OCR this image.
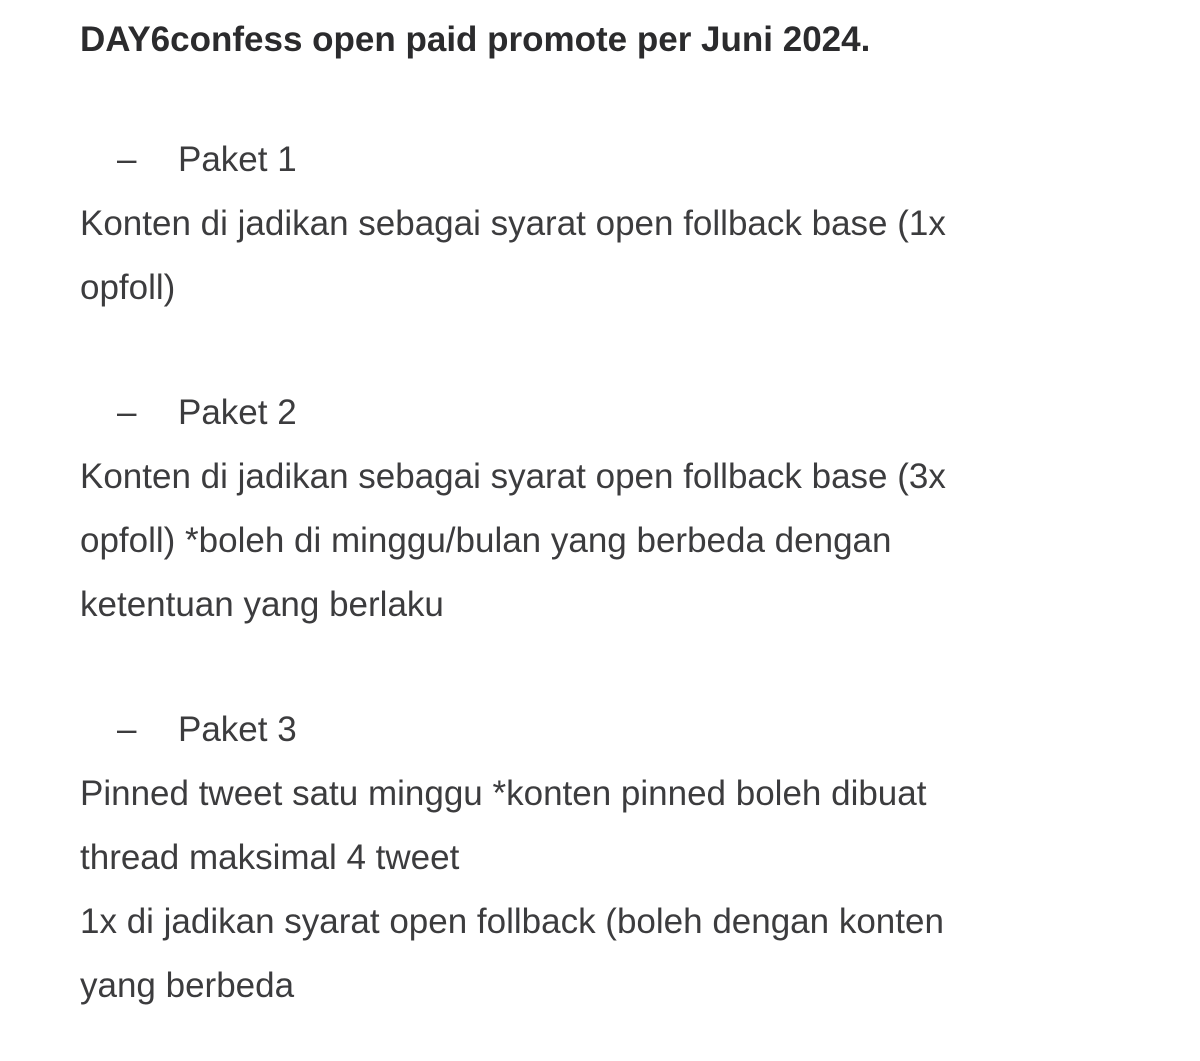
DAY6confess open paid promote per Juni 2024.
– Paket 1

Konten di jadikan sebagai syarat open follback base (1x
opfoll)

– Paket 2

Konten di jadikan sebagai syarat open follback base (3x
opfoll) *boleh di minggu/bulan yang berbeda dengan
ketentuan yang berlaku

– Paket 3

Pinned tweet satu minggu *konten pinned boleh dibuat
thread maksimal 4 tweet
1x di jadikan syarat open follback (boleh dengan konten
yang berbeda
